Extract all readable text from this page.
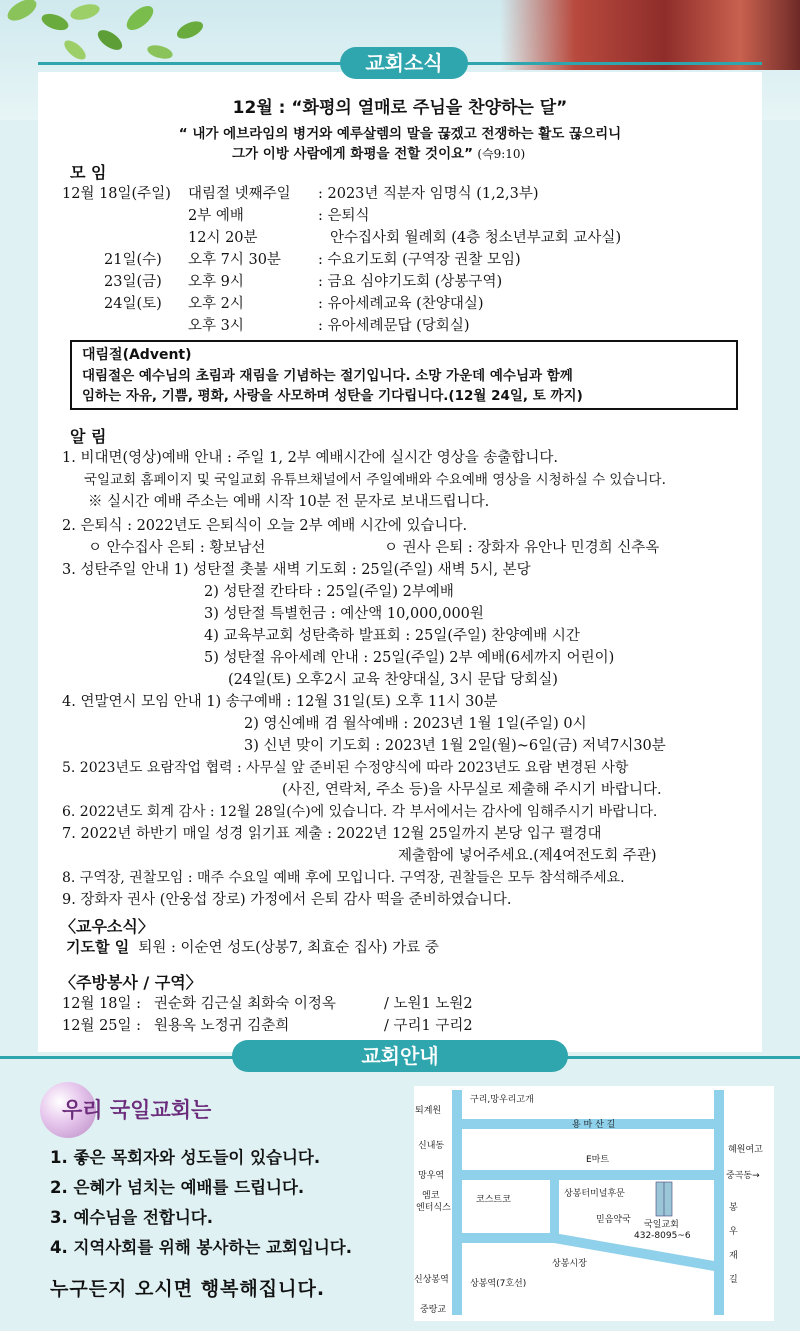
교회소식
12월 : “화평의 열매로 주님을 찬양하는 달”
“ 내가 에브라임의 병거와 예루살렘의 말을 끊겠고 전쟁하는 활도 끊으리니
그가 이방 사람에게 화평을 전할 것이요” (슥9:10)
모 임
12월 18일(주일) 대림절 넷째주일 : 2023년 직분자 임명식 (1,2,3부)
2부 예배	: 은퇴식
12시 20분	안수집사회 월례회 (4층 청소년부교회 교사실)
21일(수) 오후 7시 30분	: 수요기도회 (구역장 권찰 모임)
23일(금) 오후 9시	: 금요 심야기도회 (상봉구역)
24일(토) 오후 2시	: 유아세례교육 (찬양대실)
오후 3시	: 유아세례문답 (당회실)
대림절(Advent)
대림절은 예수님의 초림과 재림을 기념하는 절기입니다. 소망 가운데 예수님과 함께
임하는 자유, 기쁨, 평화, 사랑을 사모하며 성탄을 기다립니다.(12월 24일, 토 까지)
알 림
1. 비대면(영상)예배 안내 : 주일 1, 2부 예배시간에 실시간 영상을 송출합니다.
국일교회 홈페이지 및 국일교회 유튜브채널에서 주일예배와 수요예배 영상을 시청하실 수 있습니다.
※ 실시간 예배 주소는 예배 시작 10분 전 문자로 보내드립니다.
2. 은퇴식 : 2022년도 은퇴식이 오늘 2부 예배 시간에 있습니다.
ㅇ 안수집사 은퇴 : 황보남선	ㅇ 권사 은퇴 : 장화자 유안나 민경희 신추옥
3. 성탄주일 안내 1) 성탄절 촛불 새벽 기도회 : 25일(주일) 새벽 5시, 본당
2) 성탄절 칸타타 : 25일(주일) 2부예배
3) 성탄절 특별헌금 : 예산액 10,000,000원
4) 교육부교회 성탄축하 발표회 : 25일(주일) 찬양예배 시간
5) 성탄절 유아세례 안내 : 25일(주일) 2부 예배(6세까지 어린이)
(24일(토) 오후2시 교육 찬양대실, 3시 문답 당회실)
4. 연말연시 모임 안내 1) 송구예배 : 12월 31일(토) 오후 11시 30분
2) 영신예배 겸 월삭예배 : 2023년 1월 1일(주일) 0시
3) 신년 맞이 기도회 : 2023년 1월 2일(월)~6일(금) 저녁7시30분
5. 2023년도 요람작업 협력 : 사무실 앞 준비된 수정양식에 따라 2023년도 요람 변경된 사항
(사진, 연락처, 주소 등)을 사무실로 제출해 주시기 바랍니다.
6. 2022년도 회계 감사 : 12월 28일(수)에 있습니다. 각 부서에서는 감사에 임해주시기 바랍니다.
7. 2022년 하반기 매일 성경 읽기표 제출 : 2022년 12월 25일까지 본당 입구 펼경대
제출함에 넣어주세요.(제4여전도회 주관)
8. 구역장, 권찰모임 : 매주 수요일 예배 후에 모입니다. 구역장, 권찰들은 모두 참석해주세요.
9. 장화자 권사 (안웅섭 장로) 가정에서 은퇴 감사 떡을 준비하였습니다.
〈교우소식〉
기도할 일 퇴원 : 이순연 성도(상봉7, 최효순 집사) 가료 중
〈주방봉사 / 구역〉
12월 18일 : 권순화 김근실 최화숙 이정옥	/ 노원1 노원2
12월 25일 : 원용옥 노정귀 김춘희	/ 구리1 구리2
교회안내
우리 국일교회는
1. 좋은 목회자와 성도들이 있습니다.
2. 은혜가 넘치는 예배를 드립니다.
3. 예수님을 전합니다.
4. 지역사회를 위해 봉사하는 교회입니다.
누구든지 오시면 행복해집니다.
구리,망우리고개
퇴계원
용 마 산 길
신내동	혜원여고
망우역
E마트
중곡동→
엠코
엔터식스
코스트코
상봉터미널후문
국일교회
432-8095~6
믿음약국
상봉시장
봉
우
재
길
신상봉역 상봉역(7호선)
중랑교
